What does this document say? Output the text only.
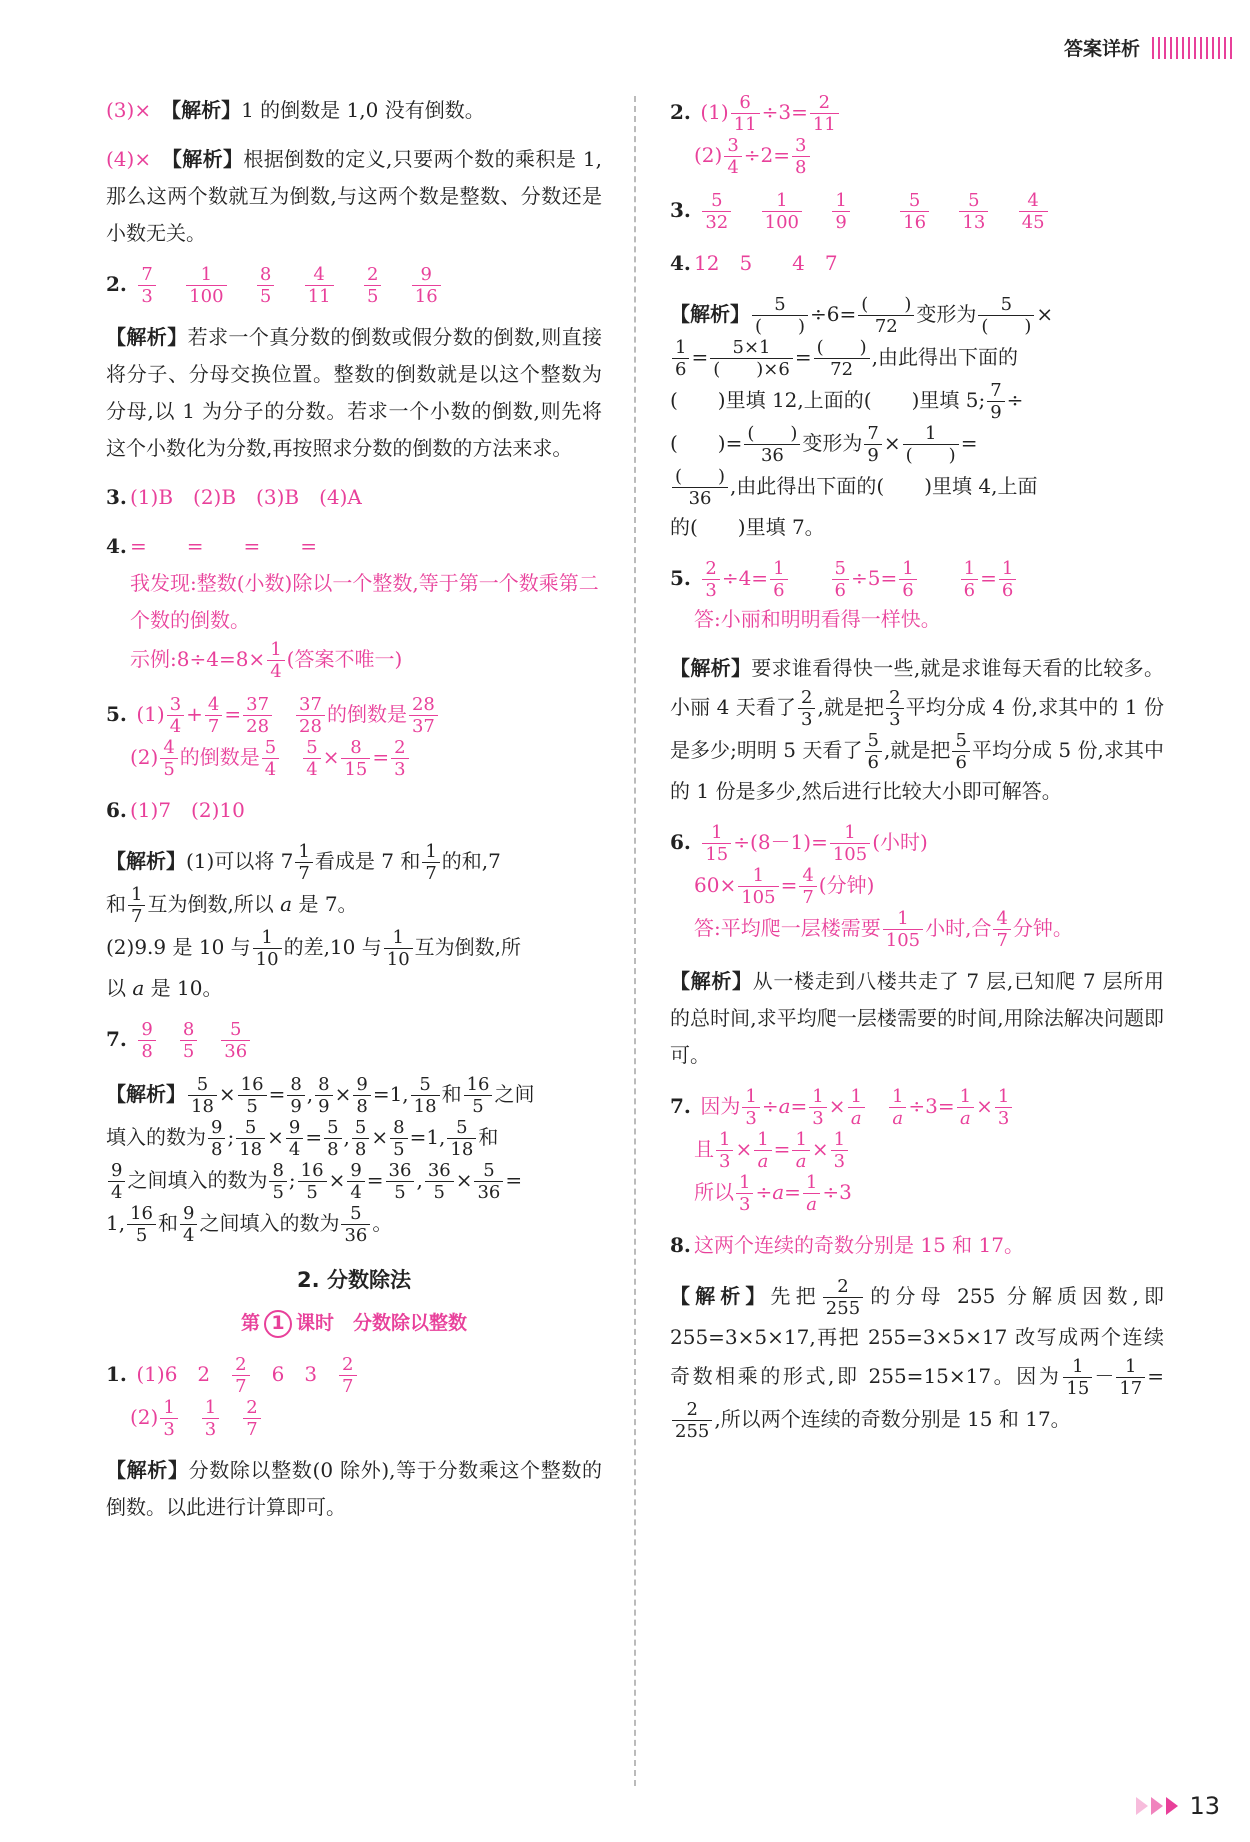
答案详析
(3)×　 【解析】1 的倒数是 1,0 没有倒数。
(4)×　 【解析】根据倒数的定义,只要两个数的乘积是 1,那么这两个数就互为倒数,与这两个数是整数、分数还是小数无关。
2. $\frac{7}{3}$
　 $\frac{1}{100}$
　 $\frac{8}{5}$
　 $\frac{4}{11}$
　 $\frac{2}{5}$
　 $\frac{9}{16}$
【解析】若求一个真分数的倒数或假分数的倒数,则直接将分子、分母交换位置。整数的倒数就是以这个整数为分母,以 1 为分子的分数。若求一个小数的倒数,则先将这个小数化为分数,再按照求分数的倒数的方法来求。
3. (1)B　(2)B　(3)B　(4)A
4. =　　=　　=　　=
我发现:整数(小数)除以一个整数,等于第一个数乘第二个数的倒数。
示例:8÷4=8× $\frac{1}{4}$ (答案不唯一)
5. $(1) \frac{3}{4} + \frac{4}{7} = \frac{37}{28}$
　 $\frac{37}{28}$ 的倒数是 $\frac{28}{37}$

$(2) \frac{4}{5}$ 的倒数是 $\frac{5}{4}$
　 $\frac{5}{4} \times \frac{8}{15} = \frac{2}{3}$
6. (1)7　(2)10
【解析】(1)可以将 $7 \frac{1}{7}$ 看成是 7 和 $\frac{1}{7}$ 的和,7
和 $\frac{1}{7}$ 互为倒数,所以 a 是 7。
(2)9.9 是 10 与 $\frac{1}{10}$ 的差,10 与 $\frac{1}{10}$ 互为倒数,所
以 a 是 10。
7. $\frac{9}{8}$
　 $\frac{8}{5}$
　 $\frac{5}{36}$
【解析】 $\frac{5}{18} \times \frac{16}{5} = \frac{8}{9}$ , $\frac{8}{9} \times \frac{9}{8} =1$, $\frac{5}{18}$ 和 $\frac{16}{5}$ 之间
填入的数为 $\frac{9}{8}$ ; $\frac{5}{18} \times \frac{9}{4} = \frac{5}{8}$ , $\frac{5}{8} \times \frac{8}{5} =1$, $\frac{5}{18}$ 和

$\frac{9}{4}$ 之间填入的数为 $\frac{8}{5}$ ; $\frac{16}{5} \times \frac{9}{4} = \frac{36}{5}$ , $\frac{36}{5} \times \frac{5}{36}$ =
1, $\frac{16}{5}$ 和 $\frac{9}{4}$ 之间填入的数为 $\frac{5}{36}$ 。
2. 分数除法
第 1 课时　分数除以整数
1. (1)6　2　 $\frac{2}{7}$
　 6　3　 $\frac{2}{7}$

$(2) \frac{1}{3}$
　 $\frac{1}{3}$
　 $\frac{2}{7}$
【解析】分数除以整数(0 除外),等于分数乘这个整数的倒数。以此进行计算即可。
2. $(1) \frac{6}{11} \div 3= \frac{2}{11}$

$(2) \frac{3}{4} \div 2= \frac{3}{8}$
3. $\frac{5}{32}$
　 $\frac{1}{100}$
　 $\frac{1}{9}$
　　	$\frac{5}{16}$
　 $\frac{5}{13}$
　 $\frac{4}{45}$
4. 12　5　　4　7
【解析】	5
(　　)
÷6= (　　)
72
变形为	5
(　　)
×

$\frac{1}{6} = \frac{5\times 1}{( )\times 6}$ = (　　)
72
,由此得出下面的
(　　)里填 12,上面的(　　)里填 5; $\frac{7}{9}$ ÷
(　　)= (　　)
36
变形为 $\frac{7}{9}$ ×	1
(　　)
=

(　　)
36
,由此得出下面的(　　)里填 4,上面
的(　　)里填 7。
5. $\frac{2}{3} \div 4= \frac{1}{6}$
　　 $\frac{5}{6} \div 5= \frac{1}{6}$
　　 $\frac{1}{6} = \frac{1}{6}$

答:小丽和明明看得一样快。
【解析】要求谁看得快一些,就是求谁每天看的比较多。小丽 4 天看了 $\frac{2}{3}$ ,就是把 $\frac{2}{3}$ 平均分成 4 份,求其中的 1 份是多少;明明 5 天看了 $\frac{5}{6}$ ,就是把 $\frac{5}{6}$ 平均分成 5 份,求其中的 1 份是多少,然后进行比较大小即可解答。
6. $\frac{1}{15} \div(8-1)= \frac{1}{105}$ (小时)
$60\times \frac{1}{105} = \frac{4}{7}$ (分钟)
答:平均爬一层楼需要 $\frac{1}{105}$ 小时,合 $\frac{4}{7}$ 分钟。
【解析】从一楼走到八楼共走了 7 层,已知爬 7 层所用的总时间,求平均爬一层楼需要的时间,用除法解决问题即可。
7. 因为 $\frac{1}{3} \div a= \frac{1}{3} \times \frac{1}{a}$
　 $\frac{1}{a} \div 3= \frac{1}{a} \times \frac{1}{3}$

且 $\frac{1}{3} \times \frac{1}{a} = \frac{1}{a} \times \frac{1}{3}$

所以 $\frac{1}{3} \div a= \frac{1}{a} \div 3$
8. 这两个连续的奇数分别是 15 和 17。
【解析】先把 $\frac{2}{255}$ 的分母 255 分解质因数,即 255=3×5×17,再把 255=3×5×17 改写成两个连续奇数相乘的形式,即 255=15×17。因为 $\frac{1}{15} - \frac{1}{17}$ =
$\frac{2}{255}$ ,所以两个连续的奇数分别是 15 和 17。
13
